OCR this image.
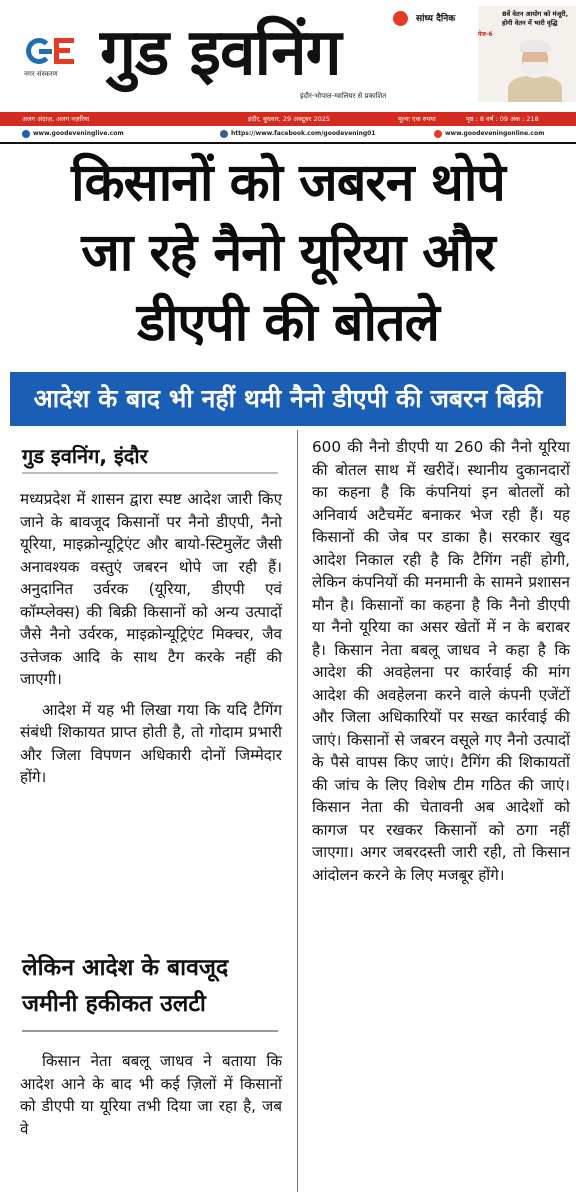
नगर संस्करण गुड इवनिंग	सांध्य दैनिक
इंदौर-भोपाल-ग्वालियर से प्रकाशित
पेज-6
8वें वेतन आयोग को मंजूरी, होगी वेतन में भारी वृद्धि
अलग अंदाज़, अलग नज़रिया	इंदौर, बुधवार, 29 अक्टूबर 2025	मूल्यः एक रुपया	पृष्ठ : 8 वर्ष : 09 अंक : 218
www.goodeveninglive.com	https://www.facebook.com/goodevening01	www.goodeveningonline.com
किसानों को जबरन थोपे
जा रहे नैनो यूरिया और
डीएपी की बोतले
आदेश के बाद भी नहीं थमी नैनो डीएपी की जबरन बिक्री
गुड इवनिंग, इंदौर

मध्यप्रदेश में शासन द्वारा स्पष्ट आदेश जारी किए जाने के बावजूद किसानों पर नैनो डीएपी, नैनो यूरिया, माइक्रोन्यूट्रिएंट और बायो-स्टिमुलेंट जैसी अनावश्यक वस्तुएं जबरन थोपे जा रही हैं। अनुदानित उर्वरक (यूरिया, डीएपी एवं कॉम्प्लेक्स) की बिक्री किसानों को अन्य उत्पादों जैसे नैनो उर्वरक, माइक्रोन्यूट्रिएंट मिक्चर, जैव उत्तेजक आदि के साथ टैग करके नहीं की जाएगी।

आदेश में यह भी लिखा गया कि यदि टैगिंग संबंधी शिकायत प्राप्त होती है, तो गोदाम प्रभारी और जिला विपणन अधिकारी दोनों जिम्मेदार होंगे।

लेकिन आदेश के बावजूद जमीनी हकीकत उलटी

किसान नेता बबलू जाधव ने बताया कि आदेश आने के बाद भी कई ज़िलों में किसानों को डीएपी या यूरिया तभी दिया जा रहा है, जब वे

600 की नैनो डीएपी या 260 की नैनो यूरिया की बोतल साथ में खरीदें। स्थानीय दुकानदारों का कहना है कि कंपनियां इन बोतलों को अनिवार्य अटैचमेंट बनाकर भेज रही हैं। यह किसानों की जेब पर डाका है। सरकार खुद आदेश निकाल रही है कि टैगिंग नहीं होगी, लेकिन कंपनियों की मनमानी के सामने प्रशासन मौन है। किसानों का कहना है कि नैनो डीएपी या नैनो यूरिया का असर खेतों में न के बराबर है। किसान नेता बबलू जाधव ने कहा है कि आदेश की अवहेलना पर कार्रवाई की मांग आदेश की अवहेलना करने वाले कंपनी एजेंटों और जिला अधिकारियों पर सख्त कार्रवाई की जाएं। किसानों से जबरन वसूले गए नैनो उत्पादों के पैसे वापस किए जाएं। टैगिंग की शिकायतों की जांच के लिए विशेष टीम गठित की जाएं। किसान नेता की चेतावनी अब आदेशों को कागज पर रखकर किसानों को ठगा नहीं जाएगा। अगर जबरदस्ती जारी रही, तो किसान आंदोलन करने के लिए मजबूर होंगे।
